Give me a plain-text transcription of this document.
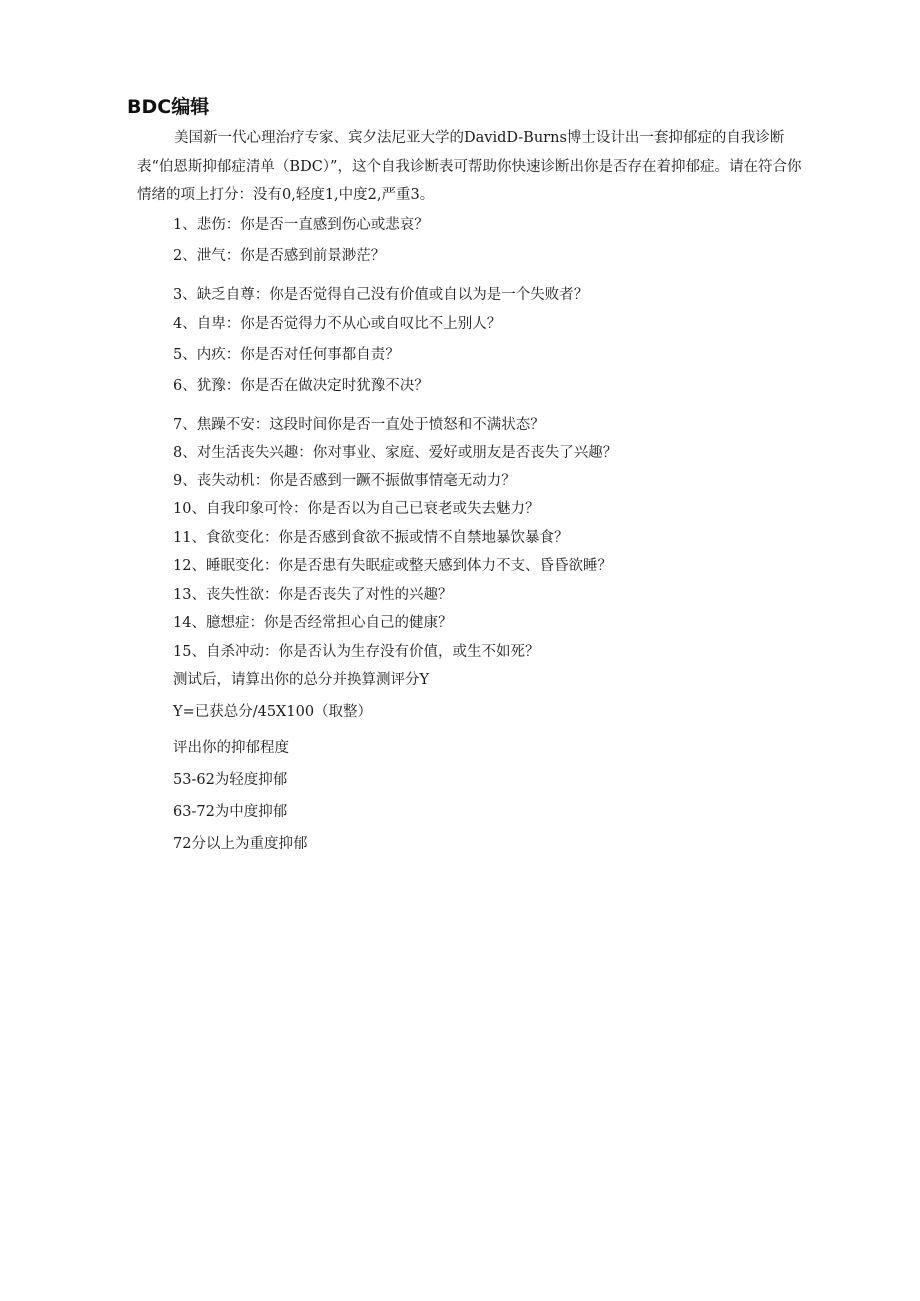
BDC编辑

美国新一代心理治疗专家、宾夕法尼亚大学的DavidD-Burns博士设计出一套抑郁症的自我诊断表“伯恩斯抑郁症清单（BDC）”，这个自我诊断表可帮助你快速诊断出你是否存在着抑郁症。请在符合你情绪的项上打分：没有0,轻度1,中度2,严重3。

1、悲伤：你是否一直感到伤心或悲哀？
2、泄气：你是否感到前景渺茫？
3、缺乏自尊：你是否觉得自己没有价值或自以为是一个失败者？
4、自卑：你是否觉得力不从心或自叹比不上别人？
5、内疚：你是否对任何事都自责？
6、犹豫：你是否在做决定时犹豫不决？
7、焦躁不安：这段时间你是否一直处于愤怒和不满状态？
8、对生活丧失兴趣：你对事业、家庭、爱好或朋友是否丧失了兴趣？
9、丧失动机：你是否感到一蹶不振做事情毫无动力？
10、自我印象可怜：你是否以为自己已衰老或失去魅力？
11、食欲变化：你是否感到食欲不振或情不自禁地暴饮暴食？
12、睡眠变化：你是否患有失眠症或整天感到体力不支、昏昏欲睡？
13、丧失性欲：你是否丧失了对性的兴趣？
14、臆想症：你是否经常担心自己的健康？
15、自杀冲动：你是否认为生存没有价值，或生不如死？
测试后，请算出你的总分并换算测评分Y
Y=已获总分/45X100（取整）
评出你的抑郁程度
53-62为轻度抑郁
63-72为中度抑郁
72分以上为重度抑郁
